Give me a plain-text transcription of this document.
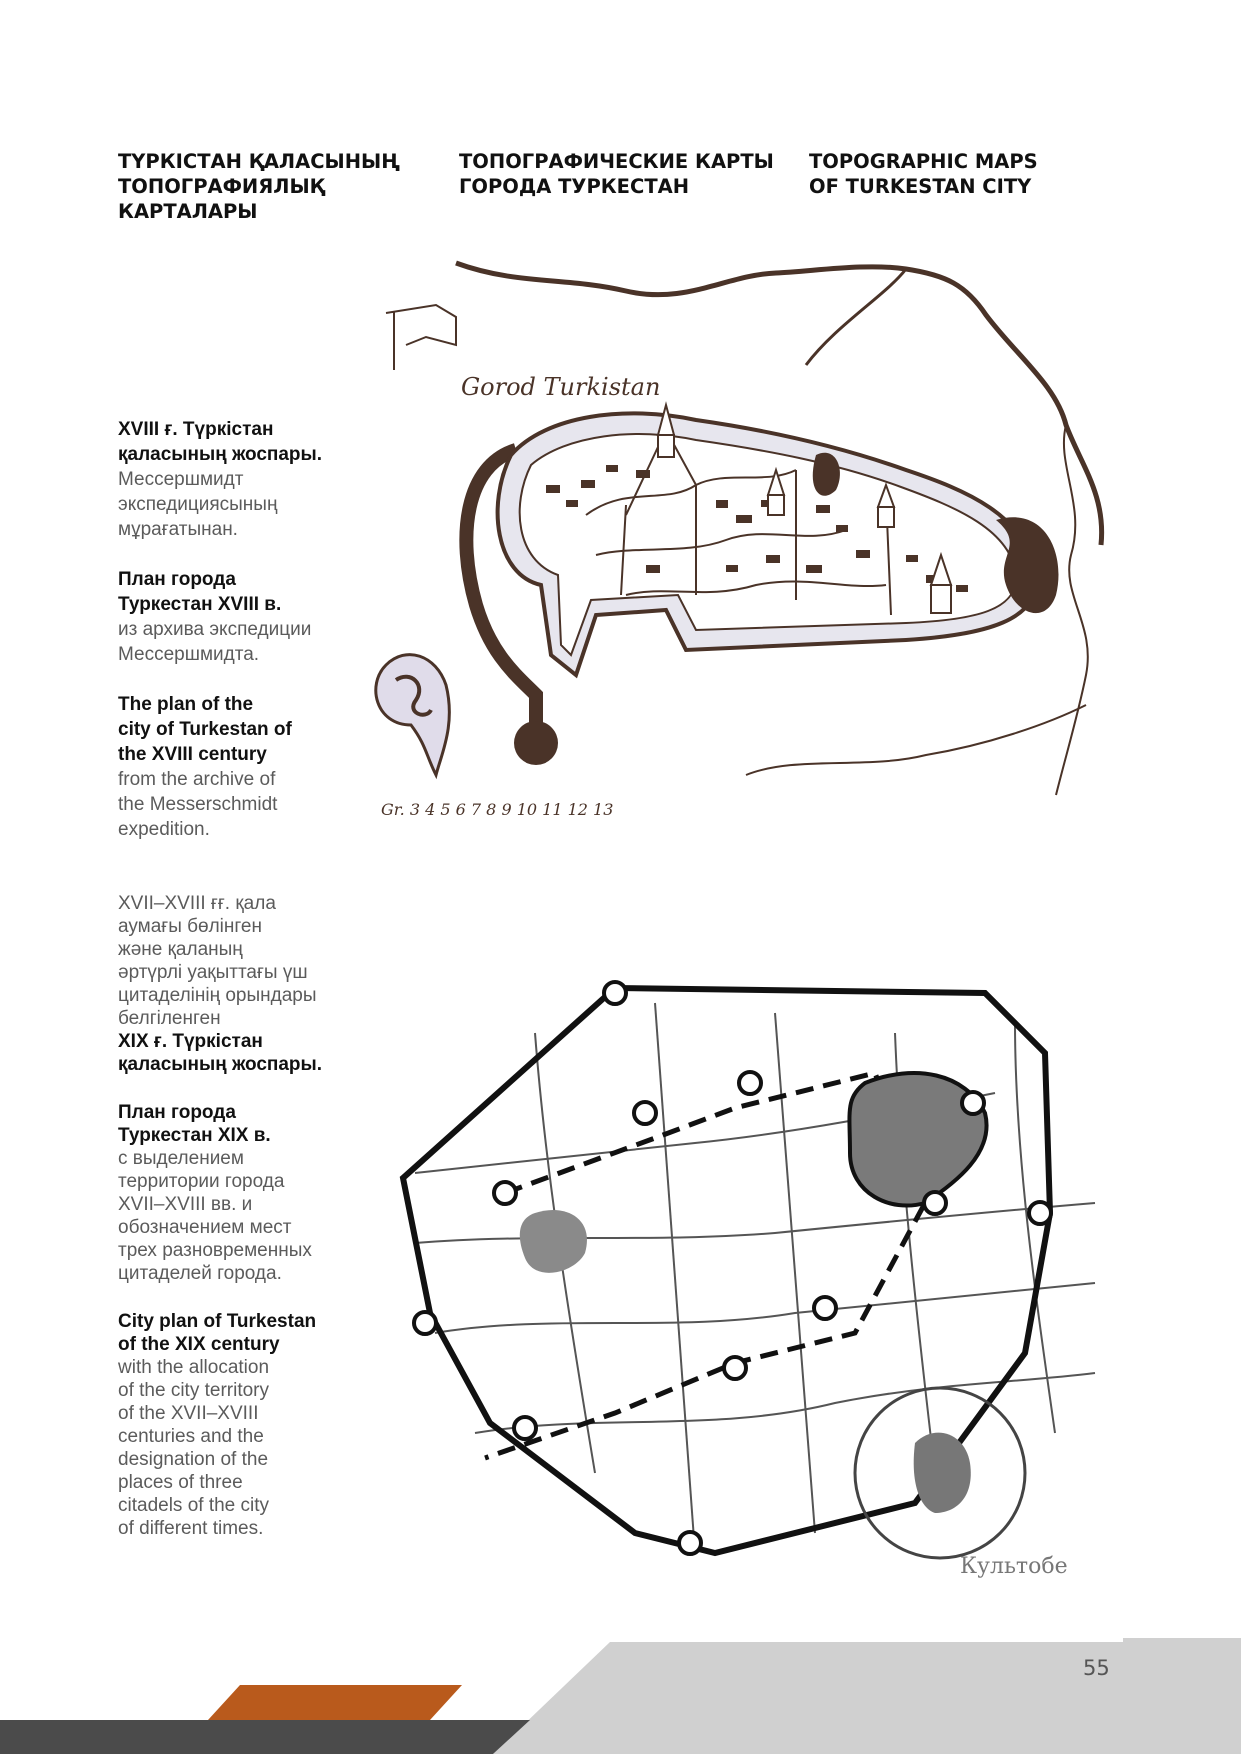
ТҮРКІСТАН ҚАЛАСЫНЫҢ
ТОПОГРАФИЯЛЫҚ
КАРТАЛАРЫ
ТОПОГРАФИЧЕСКИЕ КАРТЫ
ГОРОДА ТУРКЕСТАН
TOPOGRAPHIC MAPS
OF TURKESTAN CITY
XVIII ғ. Түркістан
қаласының жоспары.
Мессершмидт
экспедициясының
мұрағатынан.
План города
Туркестан XVIII в.
из архива экспедиции
Мессершмидта.
The plan of the
city of Turkestan of
the XVIII century
from the archive of
the Messerschmidt
expedition.
XVII–XVIII ғғ. қала
аумағы бөлінген
және қаланың
әртүрлі уақыттағы үш
цитаделінің орындары
белгіленген
XIX ғ. Түркістан
қаласының жоспары.
План города
Туркестан XIX в.
с выделением
территории города
XVII–XVIII вв. и
обозначением мест
трех разновременных
цитаделей города.
City plan of Turkestan
of the XIX century
with the allocation
of the city territory
of the XVII–XVIII
centuries and the
designation of the
places of three
citadels of the city
of different times.
Gorod Turkistan
Gr. 3 4 5 6 7 8 9 10 11 12 13
Культобе
55
